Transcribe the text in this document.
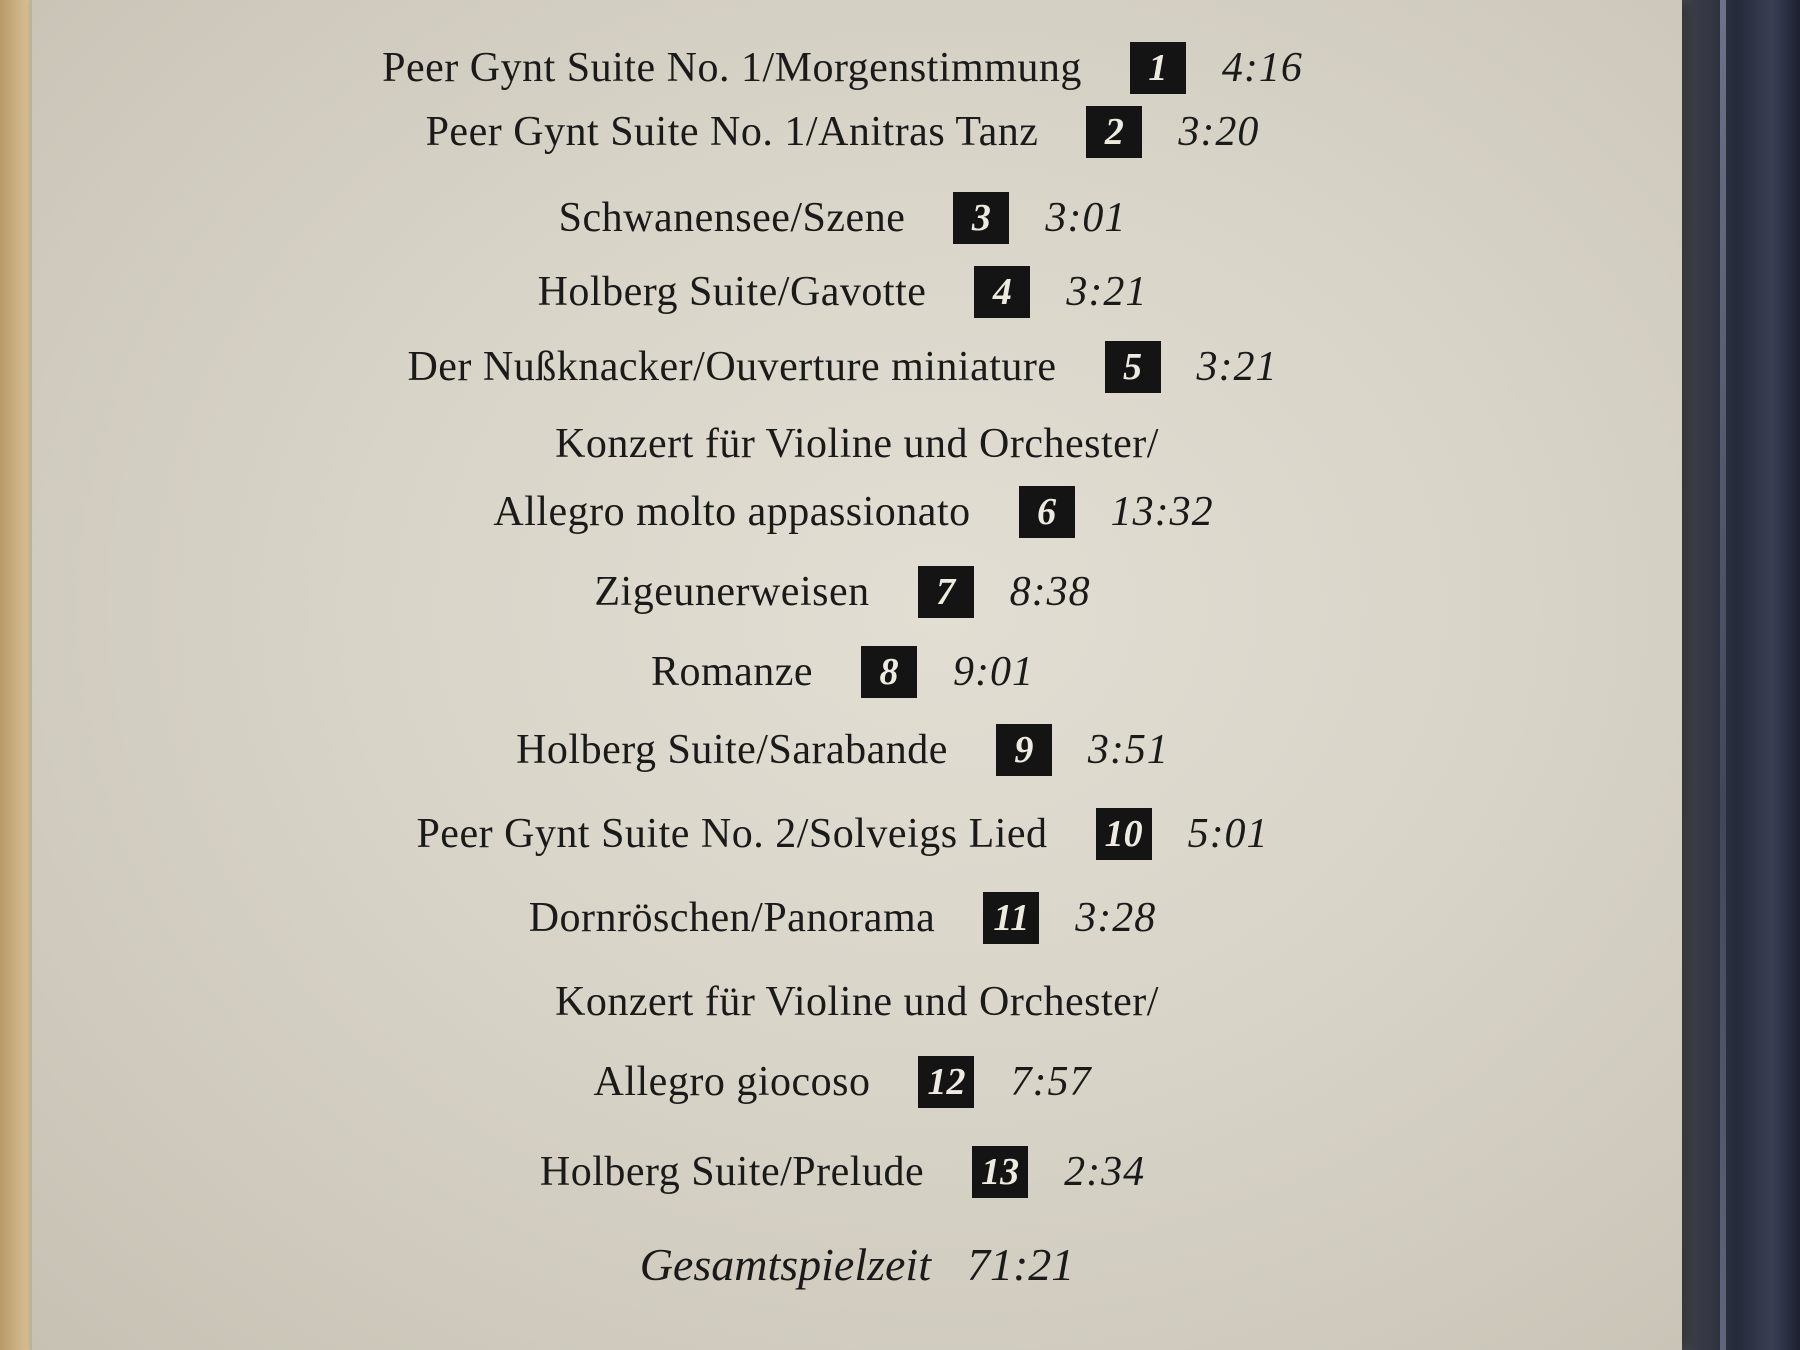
Peer Gynt Suite No. 1/Morgenstimmung	1	4:16
Peer Gynt Suite No. 1/Anitras Tanz	2	3:20
Schwanensee/Szene	3	3:01
Holberg Suite/Gavotte	4	3:21
Der Nußknacker/Ouverture miniature	5	3:21
Konzert für Violine und Orchester/
Allegro molto appassionato	6	13:32
Zigeunerweisen	7	8:38
Romanze	8	9:01
Holberg Suite/Sarabande	9	3:51
Peer Gynt Suite No. 2/Solveigs Lied 10 5:01
Dornröschen/Panorama 11 3:28
Konzert für Violine und Orchester/
Allegro giocoso 12 7:57
Holberg Suite/Prelude 13 2:34
Gesamtspielzeit 71:21
